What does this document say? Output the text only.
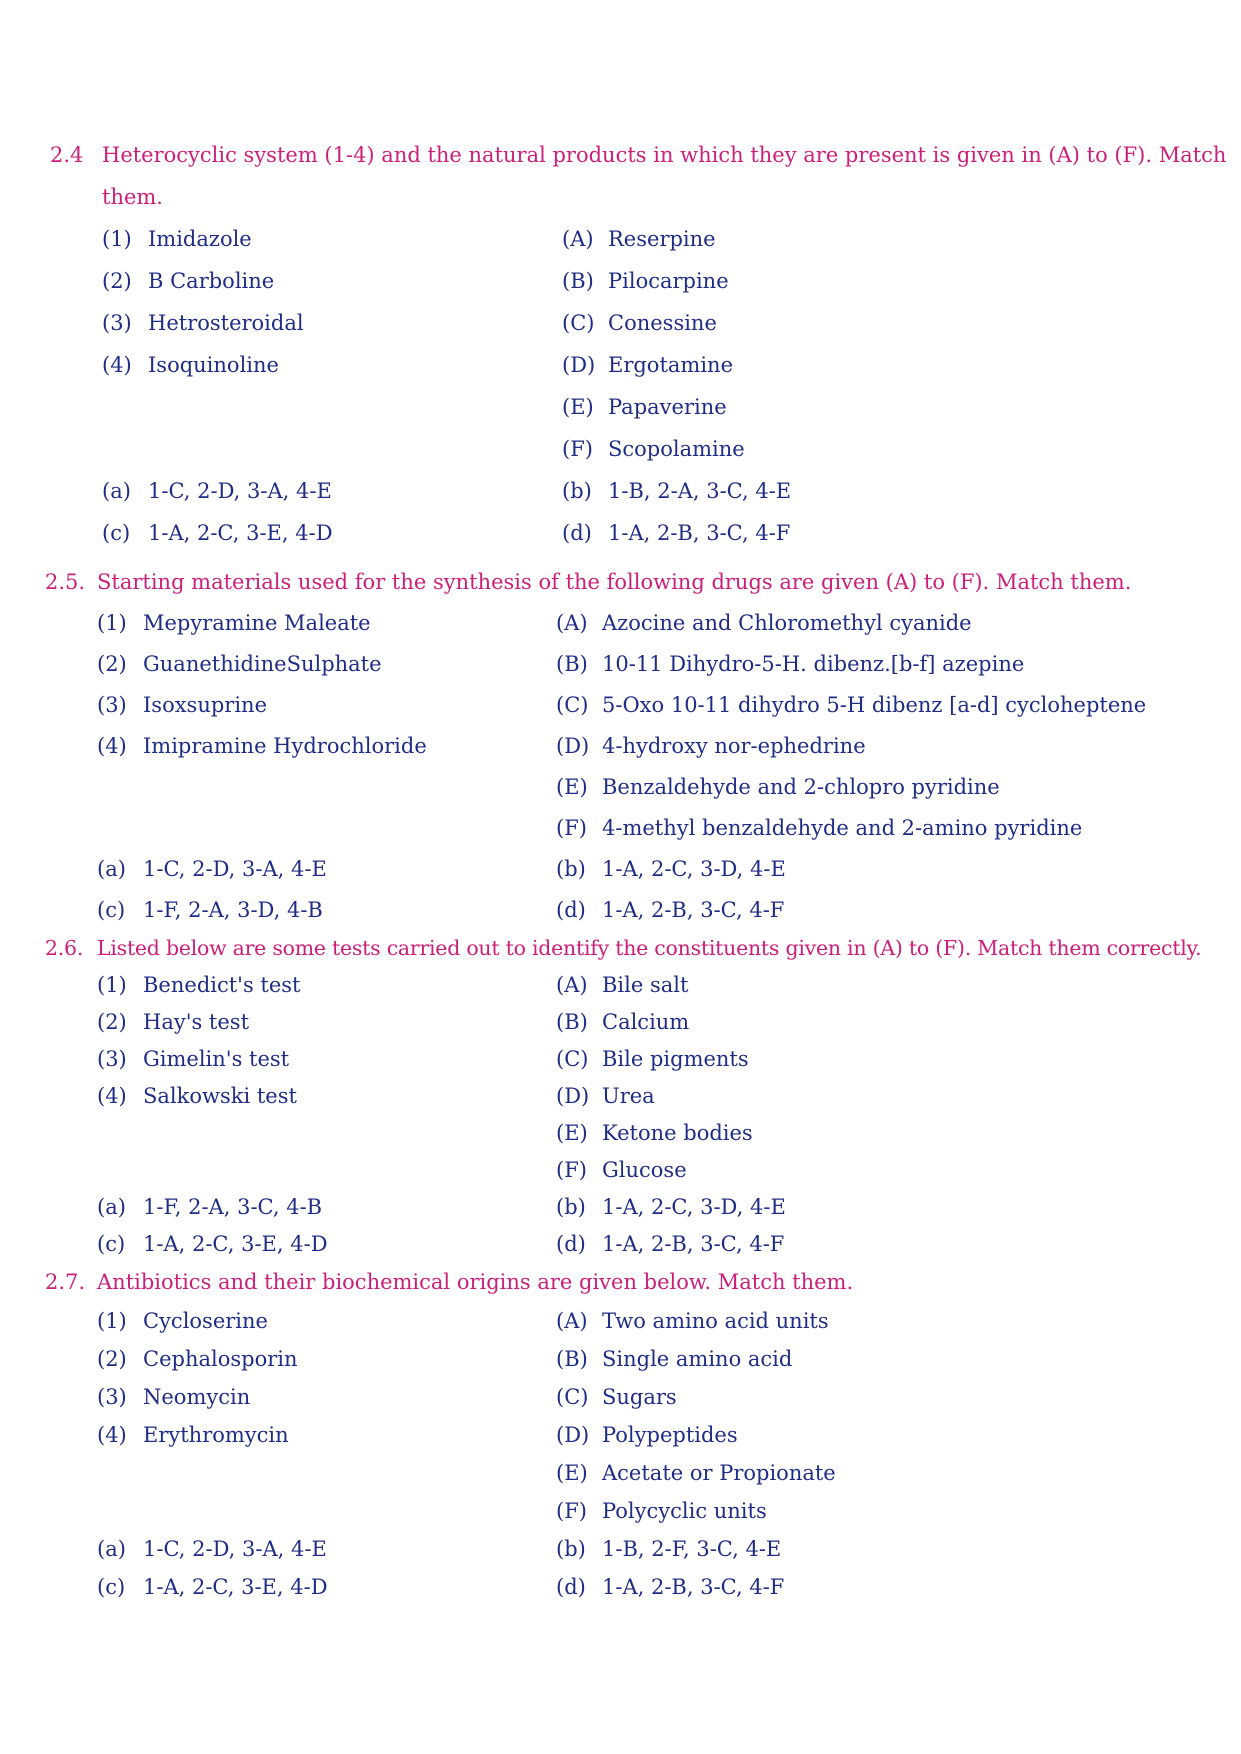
2.4 Heterocyclic system (1-4) and the natural products in which they are present is given in (A) to (F). Match
them.
(1) Imidazole
(2) B Carboline
(3) Hetrosteroidal
(4) Isoquinoline
(A) Reserpine
(B) Pilocarpine
(C) Conessine
(D) Ergotamine
(E) Papaverine
(F) Scopolamine
(a) 1-C, 2-D, 3-A, 4-E	(b) 1-B, 2-A, 3-C, 4-E
(c) 1-A, 2-C, 3-E, 4-D	(d) 1-A, 2-B, 3-C, 4-F
2.5. Starting materials used for the synthesis of the following drugs are given (A) to (F). Match them.
(1) Mepyramine Maleate
(2) GuanethidineSulphate
(3) Isoxsuprine
(4) Imipramine Hydrochloride
(A) Azocine and Chloromethyl cyanide
(B) 10-11 Dihydro-5-H. dibenz.[b-f] azepine
(C) 5-Oxo 10-11 dihydro 5-H dibenz [a-d] cycloheptene
(D) 4-hydroxy nor-ephedrine
(E) Benzaldehyde and 2-chlopro pyridine
(F) 4-methyl benzaldehyde and 2-amino pyridine
(a) 1-C, 2-D, 3-A, 4-E	(b) 1-A, 2-C, 3-D, 4-E
(c) 1-F, 2-A, 3-D, 4-B	(d) 1-A, 2-B, 3-C, 4-F
2.6. Listed below are some tests carried out to identify the constituents given in (A) to (F). Match them correctly.
(1) Benedict's test
(2) Hay's test
(3) Gimelin's test
(4) Salkowski test
(A) Bile salt
(B) Calcium
(C) Bile pigments
(D) Urea
(E) Ketone bodies
(F) Glucose
(a) 1-F, 2-A, 3-C, 4-B	(b) 1-A, 2-C, 3-D, 4-E
(c) 1-A, 2-C, 3-E, 4-D	(d) 1-A, 2-B, 3-C, 4-F
2.7. Antibiotics and their biochemical origins are given below. Match them.
(1) Cycloserine
(2) Cephalosporin
(3) Neomycin
(4) Erythromycin
(A) Two amino acid units
(B) Single amino acid
(C) Sugars
(D) Polypeptides
(E) Acetate or Propionate
(F) Polycyclic units
(a) 1-C, 2-D, 3-A, 4-E	(b) 1-B, 2-F, 3-C, 4-E
(c) 1-A, 2-C, 3-E, 4-D	(d) 1-A, 2-B, 3-C, 4-F
